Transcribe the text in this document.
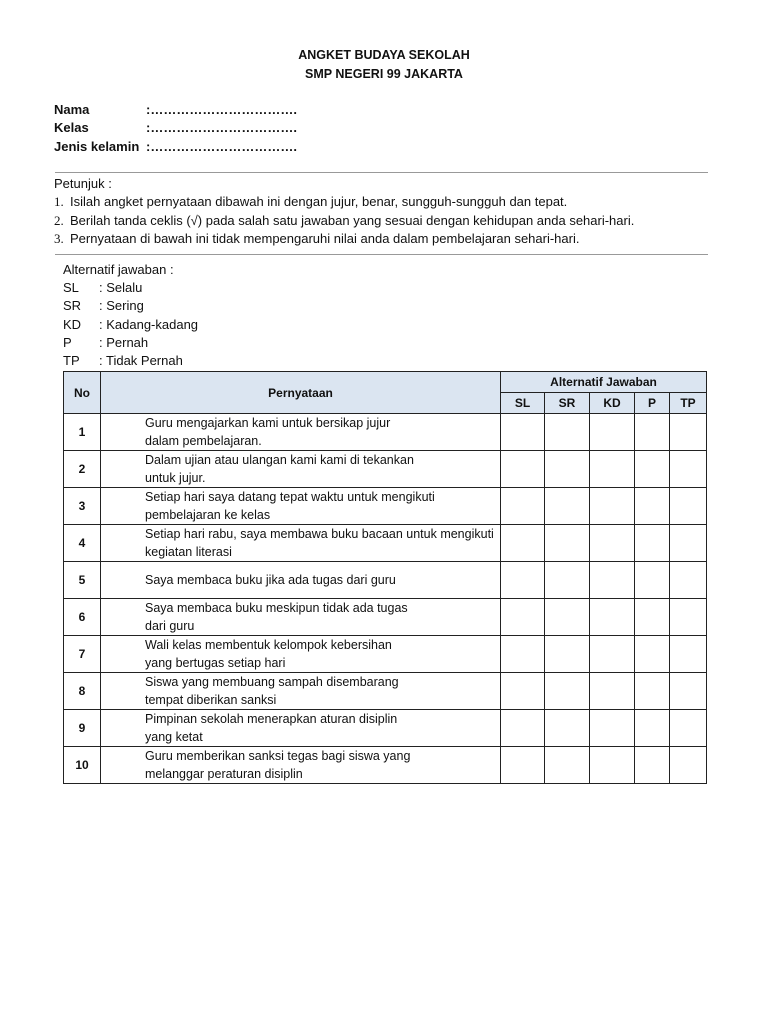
ANGKET BUDAYA SEKOLAH
SMP NEGERI 99 JAKARTA
Nama	:…………………………….
Kelas	:…………………………….
Jenis kelamin :…………………………….
Petunjuk :
1. Isilah angket pernyataan dibawah ini dengan jujur, benar, sungguh-sungguh dan tepat.
2. Berilah tanda ceklis (√) pada salah satu jawaban yang sesuai dengan kehidupan anda sehari-hari.
3. Pernyataan di bawah ini tidak mempengaruhi nilai anda dalam pembelajaran sehari-hari.
Alternatif jawaban :
SL : Selalu
SR : Sering
KD : Kadang-kadang
P : Pernah
TP : Tidak Pernah
No	Pernyataan	Alternatif Jawaban				
		SL	SR	KD	P	TP
1	Guru mengajarkan kami untuk bersikap jujur
dalam pembelajaran.					

2	Dalam ujian atau ulangan kami kami di tekankan
untuk jujur.					

3	Setiap hari saya datang tepat waktu untuk mengikuti
pembelajaran ke kelas					

4	Setiap hari rabu, saya membawa buku bacaan untuk mengikuti
kegiatan literasi					

5	Saya membaca buku jika ada tugas dari guru					

6	Saya membaca buku meskipun tidak ada tugas
dari guru					

7	Wali kelas membentuk kelompok kebersihan
yang bertugas setiap hari					

8	Siswa yang membuang sampah disembarang
tempat diberikan sanksi					

9	Pimpinan sekolah menerapkan aturan disiplin
yang ketat					

10	Guru memberikan sanksi tegas bagi siswa yang
melanggar peraturan disiplin					
